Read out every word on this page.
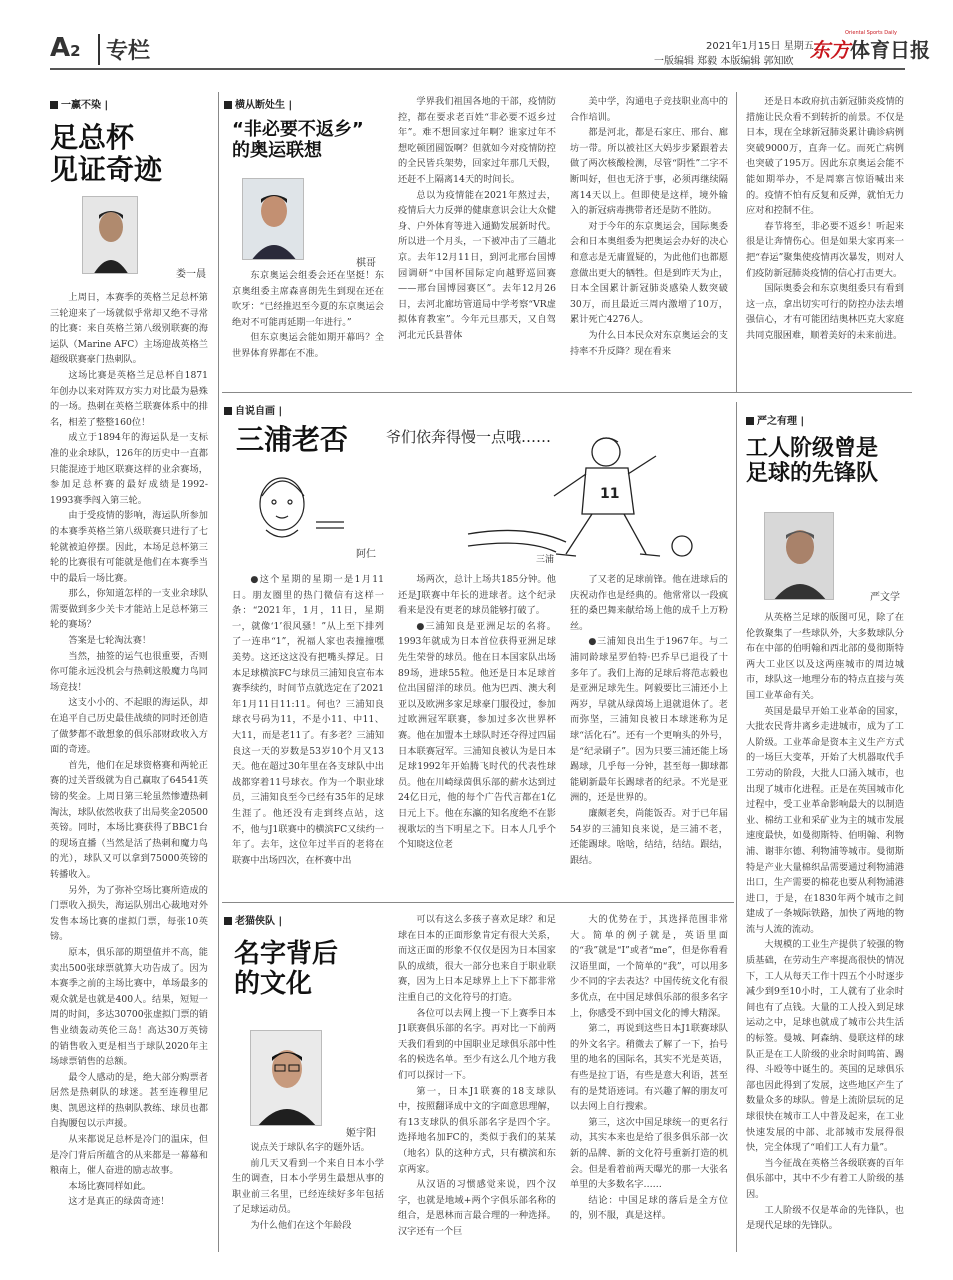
A2	专栏	2021年1月15日 星期五
一版编辑 郑毅 本版编辑 郭知欧
Oriental Sports Daily
东方体育日报
一赢不染 |
足总杯
见证奇迹
娄一晨

上周日，本赛季的英格兰足总杯第三轮迎来了一场就似乎常却又绝不寻常的比赛：来自英格兰第八级别联赛的海运队（Marine AFC）主场迎战英格兰超级联赛豪门热刺队。

这场比赛是英格兰足总杯自1871年创办以来对阵双方实力对比最为悬殊的一场。热刺在英格兰联赛体系中的排名，相差了整整160位！

成立于1894年的海运队是一支标准的业余球队，126年的历史中一直都只能混迹于地区联赛这样的业余赛场，参加足总杯赛的最好成绩是1992-1993赛季闯入第三轮。

由于受疫情的影响，海运队所参加的本赛季英格兰第八级联赛只进行了七轮就被迫停摆。因此，本场足总杯第三轮的比赛很有可能就是他们在本赛季当中的最后一场比赛。

那么，你知道怎样的一支业余球队需要做到多少关卡才能站上足总杯第三轮的赛场？

答案是七轮淘汰赛！

当然，抽签的运气也很重要，否则你可能永远没机会与热刺这般魔力鸟同场竞技！

这支小小的、不起眼的海运队，却在追平自己历史最佳战绩的同时还创造了做梦都不敢想象的俱乐部财政收入方面的奇迹。

首先，他们在足球资格赛和两轮正赛的过关晋级就为自己赢取了64541英镑的奖金。上周日第三轮虽然惨遭热刺淘汰，球队依然收获了出局奖金20500英镑。同时，本场比赛获得了BBC1台的现场直播（当然是活了热刺和魔力鸟的光），球队又可以拿到75000英镑的转播收入。

另外，为了弥补空场比赛所造成的门票收入损失，海运队别出心裁地对外发售本场比赛的虚拟门票，每张10英镑。

原本，俱乐部的期望值并不高，能卖出500张球票就算大功告成了。因为本赛季之前的主场比赛中，单场最多的观众就是也就是400人。结果，短短一周的时间，多达30700张虚拟门票的销售业绩轰动英伦三岛！高达30万英镑的销售收入更是相当于球队2020年主场球票销售的总额。

最令人感动的是，绝大部分购票者居然是热刺队的球迷。甚至连穆里尼奥、凯恩这样的热刺队教练、球员也都自掏腰包以示声援。

从来都说足总杯是冷门的温床，但是冷门背后所蕴含的从来都是一幕幕和粮南上，催人奋进的励志故事。

本场比赛同样如此。

这才是真正的绿茵奇迹！

横从断处生 |
“非必要不返乡”
的奥运联想
棋哥

东京奥运会组委会还在坚挺！东京奥组委主席森喜朗先生到现在还在吹牙：“已经推迟至今夏的东京奥运会绝对不可能再延期一年进行。”

但东京奥运会能如期开幕吗？全世界体育界都在不准。

学界我们祖国各地的干部，疫情防控，都在要求老百姓“非必要不返乡过年”。难不想回家过年啊？谁家过年不想吃顿团圆饭啊？但就如今对疫情防控的全民皆兵架势，回家过年那几天假，还赶不上隔离14天的时间长。

总以为疫情能在2021年熬过去，疫情后大力反弹的健康意识会让大众健身、户外体育等进入通勤发展新时代。所以进一个月头，一下被冲击了三趟北京。去年12月11日，到河北邢台国博园调研“中国杯国际定向越野巡回赛——邢台国博园赛区”。去年12月26日，去河北廊坊管道局中学考察“VR虚拟体育教室”。今年元旦那天，又自驾河北元氏县普体

美中学，沟通电子竞技职业高中的合作培训。

都是河北，都是石家庄、邢台、廊坊一带。所以被社区大妈步步紧跟着去做了两次核酸检测，尽管“阴性”二字不断叫好，但也无济于事，必须再继续隔离14天以上。但即使是这样，境外输入的新冠病毒携带者还是防不胜防。

对于今年的东京奥运会，国际奥委会和日本奥组委为把奥运会办好的决心和意志是无庸置疑的，为此他们也都愿意做出更大的牺牲。但是到昨天为止，日本全国累计新冠肺炎感染人数突破30万，而且最近三周内激增了10万，累计死亡4276人。

为什么日本民众对东京奥运会的支持率不升反降？现在看来

还是日本政府抗击新冠肺炎疫情的措施让民众看不到转折的前景。不仅是日本，现在全球新冠肺炎累计确诊病例突破9000万，直奔一亿。而死亡病例也突破了195万。因此东京奥运会能不能如期举办，不是周寨言惊语喊出来的。疫情不怕有反复和反弹，就怕无力应对和控制不住。

春节将至，非必要不返乡！听起来很是让奔情伤心。但是如果大家再来一把“春运”聚集使疫情再次暴发，则对人们疫防新冠肺炎疫情的信心打击更大。

国际奥委会和东京奥组委只有看到这一点，拿出切实可行的防控办法去增强信心，才有可能团结奥林匹克大家庭共同克服困难，顺着美好的未来前进。

自说自画 |
三浦老否
阿仁
11
爷们依奔得慢一点哦……
三浦

●这个星期的星期一是1月11日。朋友圈里的热门微信有这样一条：“2021年，1月，11日，星期一，就像‘1’很风骚！”从上至下排列了一连串“1”，祝福人家也表撞撞嘿美势。这还这这没有把嘴头撑足。日本足球横滨FC与球员三浦知良宣布本赛季续约，时间节点就选定在了2021年1月11日11:11。何也？三浦知良球衣号码为11，不是小11、中11、大11，而是老11了。有多老？三浦知良这一天的岁数是53岁10个月又13天。他在超过30年里在各支球队中出战都穿着11号球衣。作为一个职业球员，三浦知良至今已经有35年的足球生涯了。他还没有走到终点站，这不，他与J1联赛中的横滨FC又续约一年了。去年，这位年过半百的老将在联赛中出场四次，在杯赛中出

场两次，总计上场共185分钟。他还是J联赛中年长的进球者。这个纪录看来是没有更老的球员能够打破了。

●三浦知良是亚洲足坛的名将。1993年就成为日本首位获得亚洲足球先生荣誉的球员。他在日本国家队出场89场，进球55粒。他还是日本足球首位出国留洋的球员。他为巴西、澳大利亚以及欧洲多家足球豪门服役过，参加过欧洲冠军联赛，参加过多次世界杯赛。他在加盟本土球队时还夺得过四届日本联赛冠军。三浦知良被认为是日本足球1992年开始腾飞时代的代表性球员。他在川崎绿茵俱乐部的薪水达到过24亿日元，他的每个广告代言都在1亿日元上下。他在东瀛的知名度绝不在影视歌坛的当下明星之下。日本人几乎个个知晓这位老

了又老的足球前锋。他在进球后的庆祝动作也是经典的。他常常以一段疯狂的桑巴舞来献给场上他的成千上万粉丝。

●三浦知良出生于1967年。与二浦同龄球星罗伯特·巴乔早已退役了十多年了。我们上海的足球后将范志毅也是亚洲足球先生。阿毅要比三浦还小上两岁，早就从绿茵场上退就退休了。老而弥坚，三浦知良被日本球迷称为足球“活化石”。还有一个更响头的外号，是“纪录刷子”。因为只要三浦还能上场踢球，几乎每一分钟，甚至每一脚球都能刷新最年长踢球者的纪录。不光是亚洲的，还是世界的。

廉颇老矣，尚能饭否。对于已年届54岁的三浦知良来说，是三浦不老，还能踢球。啥啥，结结，结结。跟结，跟结。

严之有理 |
工人阶级曾是
足球的先锋队
严文学

从英格兰足球的版图可见，除了在伦敦聚集了一些球队外，大多数球队分布在中部的伯明翰和西北部的曼彻斯特两大工业区以及这两座城市的周边城市，球队这一地理分布的特点直接与英国工业革命有关。

英国是最早开始工业革命的国家，大批农民背井离乡走进城市，成为了工人阶级。工业革命是资本主义生产方式的一场巨大变革，开始了大机器取代手工劳动的阶段，大批人口涌入城市，也出现了城市化进程。正是在英国城市化过程中，受工业革命影响最大的以制造业、棉纺工业和采矿业为主的城市发展速度最快，如曼彻斯特、伯明翰、利物浦、谢菲尔德、利物浦等城市。曼彻斯特是产业大量棉织品需要通过利物浦港出口，生产需要的棉花也要从利物浦港进口，于是，在1830年两个城市之间建成了一条城际铁路，加快了两地的物流与人流的流动。

大规模的工业生产提供了较强的物质基础，在劳动生产率提高很快的情况下，工人从每天工作十四五个小时逐步减少到9至10小时，工人就有了业余时间也有了点钱。大量的工人投入到足球运动之中，足球也就成了城市公共生活的标签。曼城、阿森纳、曼联这样的球队正是在工人阶级的业余时间鸣笛、踢得、斗殴等中诞生的。英国的足球俱乐部也因此得到了发展，这些地区产生了数量众多的球队。曾是上流阶层玩的足球很快在城市工人中普及起来，在工业快速发展的中部、北部城市发展得很快，完全体现了“咱们工人有力量”。

当今征战在英格兰各级联赛的百年俱乐部中，其中不少有着工人阶级的基因。

工人阶级不仅是革命的先锋队，也是现代足球的先锋队。

老猫侠队 |
名字背后
的文化
姬宇阳

说点关于球队名字的题外话。

前几天又看到一个来自日本小学生的调查，日本小学男生最想从事的职业前三名里，已经连续好多年包括了足球运动员。

为什么他们在这个年龄段

可以有这么多孩子喜欢足球？和足球在日本的正面形象肯定有很大关系，而这正面的形象不仅仅是因为日本国家队的成绩，很大一部分也来自于职业联赛，因为上日本足球界上上下下都非常注重自己的文化符号的打造。

各位可以去网上搜一下上赛季日本J1联赛俱乐部的名字。再对比一下前两天我们看到的中国职业足球俱乐部中性名的候选名单。至少有这么几个地方我们可以探讨一下。

第一，日本J1联赛的18支球队中，按照翻译成中文的字面意思理解，有13支球队的俱乐部名字是四个字。选择地名加FC的，类似于我们的某某（地名）队的这种方式，只有横滨和东京两家。

从汉语的习惯感觉来说，四个汉字，也就是地域+两个字俱乐部名称的组合，是恩林而言最合理的一种选择。汉字还有一个巨

大的优势在于，其选择范围非常大。简单的例子就是，英语里面的“我”就是“I”或者“me”，但是你看看汉语里面，一个简单的“我”，可以用多少不同的字去表达？中国传统文化有很多优点，在中国足球俱乐部的很多名字上，你感受不到中国文化的博大精深。

第二，再说到这些日本J1联赛球队的外文名字。稍微去了解了一下，抬号里的地名的国际名，其实不光是英语，有些是拉丁语，有些是意大利语，甚至有的是梵语迹词。有兴趣了解的朋友可以去网上自行搜索。

第三，这次中国足球统一的更名行动，其实本来也是给了很多俱乐部一次新的品牌、新的文化符号重新打造的机会。但是看着前两天曝光的那一大张名单里的大多数名字……

结论：中国足球的落后是全方位的，别不服，真是这样。
